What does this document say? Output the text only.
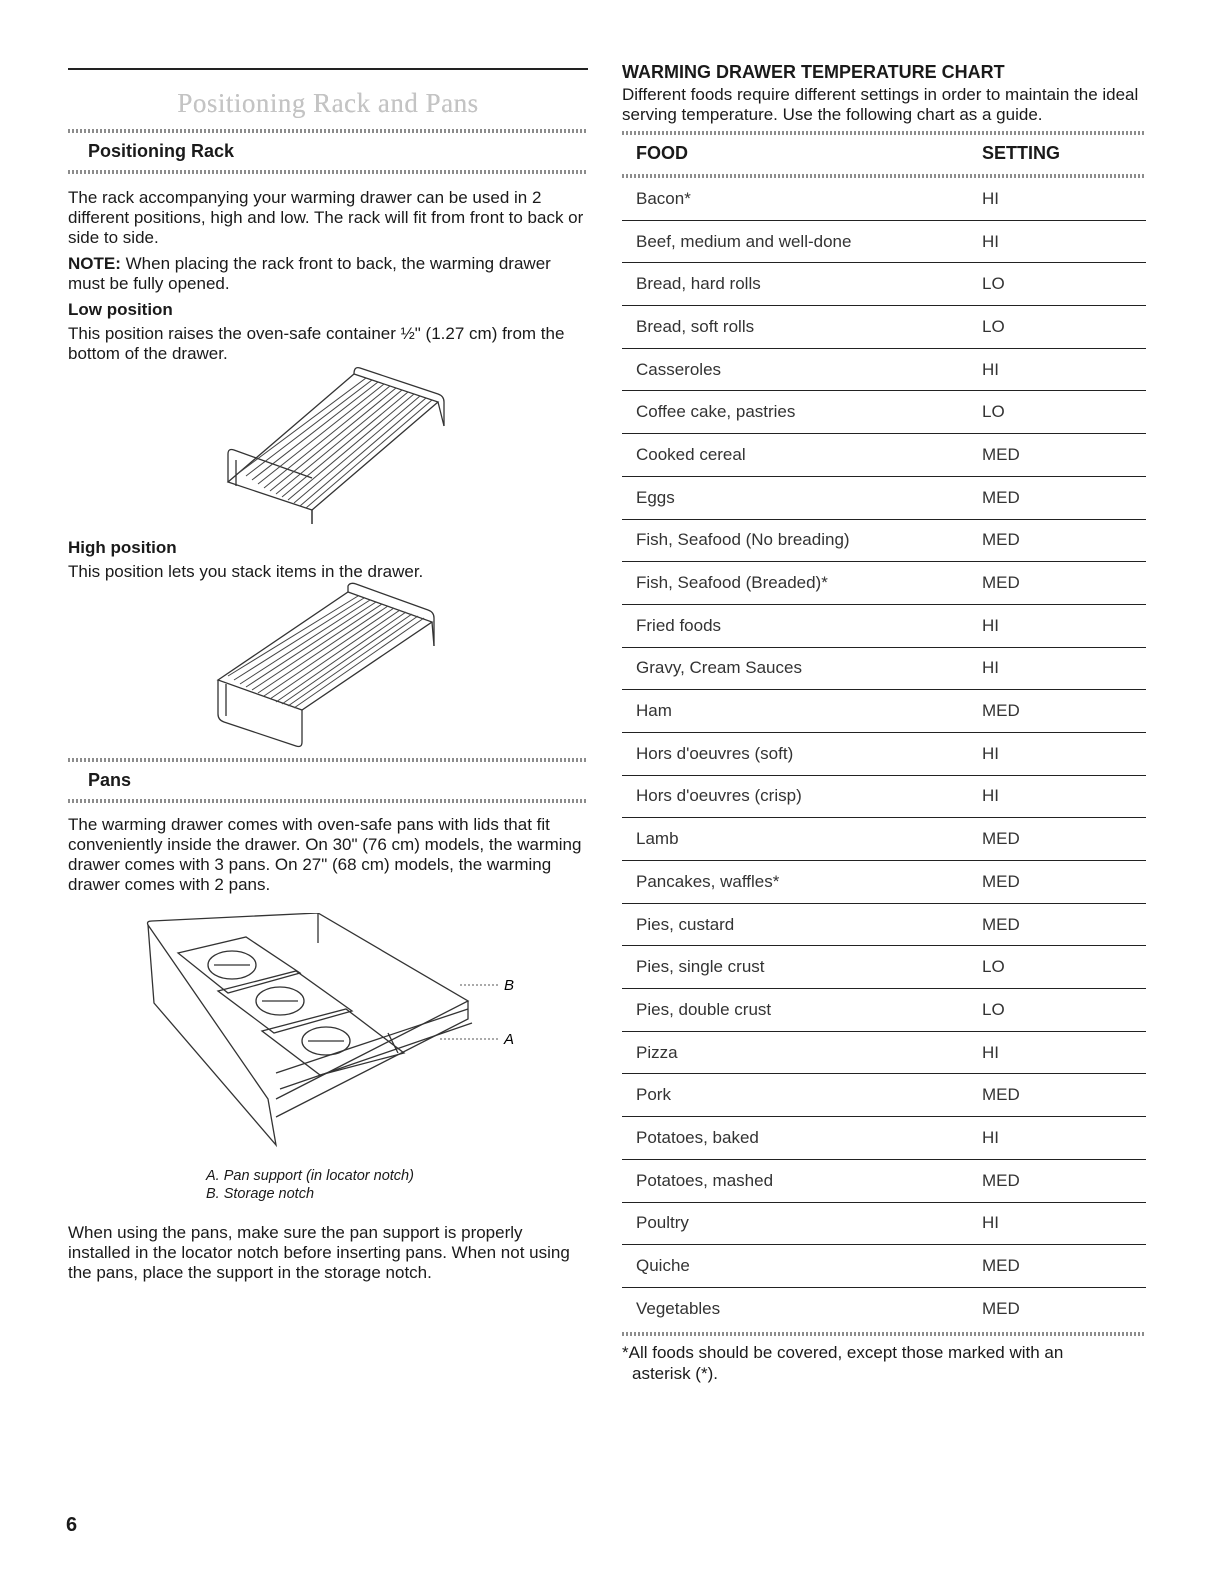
Positioning Rack and Pans
Positioning Rack

The rack accompanying your warming drawer can be used in 2 different positions, high and low. The rack will fit from front to back or side to side.

NOTE: When placing the rack front to back, the warming drawer must be fully opened.

Low position

This position raises the oven-safe container ½" (1.27 cm) from the bottom of the drawer.

High position

This position lets you stack items in the drawer.

Pans

The warming drawer comes with oven-safe pans with lids that fit conveniently inside the drawer. On 30" (76 cm) models, the warming drawer comes with 3 pans. On 27" (68 cm) models, the warming drawer comes with 2 pans.

B
A
A. Pan support (in locator notch)
B. Storage notch

When using the pans, make sure the pan support is properly installed in the locator notch before inserting pans. When not using the pans, place the support in the storage notch.

WARMING DRAWER TEMPERATURE CHART
Different foods require different settings in order to maintain the ideal serving temperature. Use the following chart as a guide.
FOOD	SETTING
Bacon*	HI
Beef, medium and well-done	HI
Bread, hard rolls	LO
Bread, soft rolls	LO
Casseroles	HI
Coffee cake, pastries	LO
Cooked cereal	MED
Eggs	MED
Fish, Seafood (No breading)	MED
Fish, Seafood (Breaded)*	MED
Fried foods	HI
Gravy, Cream Sauces	HI
Ham	MED
Hors d'oeuvres (soft)	HI
Hors d'oeuvres (crisp)	HI
Lamb	MED
Pancakes, waffles*	MED
Pies, custard	MED
Pies, single crust	LO
Pies, double crust	LO
Pizza	HI
Pork	MED
Potatoes, baked	HI
Potatoes, mashed	MED
Poultry	HI
Quiche	MED
Vegetables	MED
*All foods should be covered, except those marked with an
asterisk (*).
6
